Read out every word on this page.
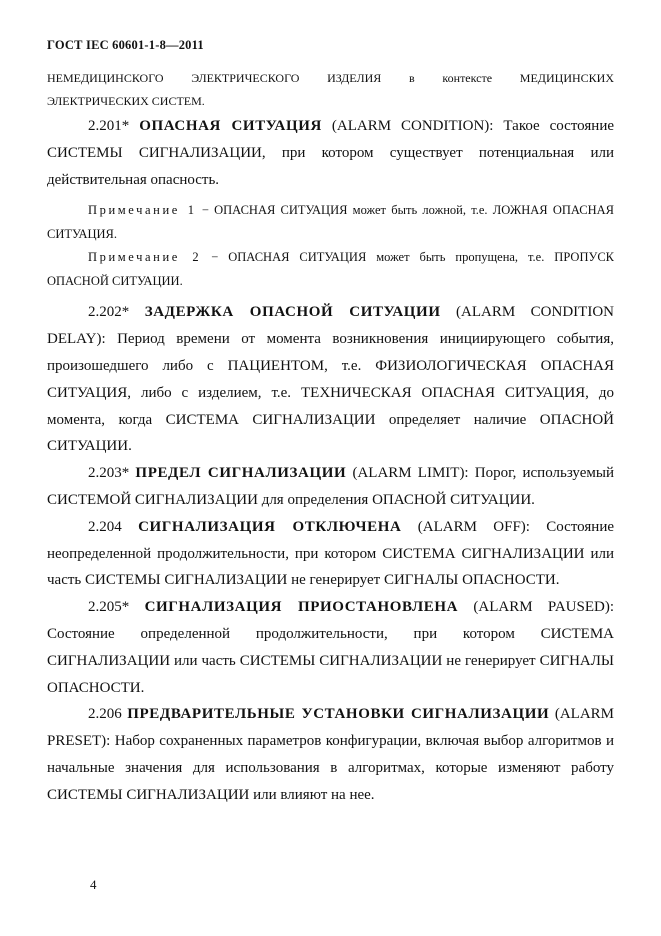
ГОСТ IEC 60601-1-8—2011

НЕМЕДИЦИНСКОГО ЭЛЕКТРИЧЕСКОГО ИЗДЕЛИЯ в контексте МЕДИЦИНСКИХ

ЭЛЕКТРИЧЕСКИХ СИСТЕМ.

2.201* ОПАСНАЯ СИТУАЦИЯ (ALARM CONDITION): Такое состояние СИСТЕМЫ СИГНАЛИЗАЦИИ, при котором существует потенциальная или действительная опасность.

Примечание 1 − ОПАСНАЯ СИТУАЦИЯ может быть ложной, т.е. ЛОЖНАЯ ОПАСНАЯ СИТУАЦИЯ.

Примечание 2 − ОПАСНАЯ СИТУАЦИЯ может быть пропущена, т.е. ПРОПУСК ОПАСНОЙ СИТУАЦИИ.

2.202* ЗАДЕРЖКА ОПАСНОЙ СИТУАЦИИ (ALARM CONDITION DELAY): Период времени от момента возникновения инициирующего события, произошедшего либо с ПАЦИЕНТОМ, т.е. ФИЗИОЛОГИЧЕСКАЯ ОПАСНАЯ СИТУАЦИЯ, либо с изделием, т.е. ТЕХНИЧЕСКАЯ ОПАСНАЯ СИТУАЦИЯ, до момента, когда СИСТЕМА СИГНАЛИЗАЦИИ определяет наличие ОПАСНОЙ СИТУАЦИИ.

2.203* ПРЕДЕЛ СИГНАЛИЗАЦИИ (ALARM LIMIT): Порог, используемый СИСТЕМОЙ СИГНАЛИЗАЦИИ для определения ОПАСНОЙ СИТУАЦИИ.

2.204 СИГНАЛИЗАЦИЯ ОТКЛЮЧЕНА (ALARM OFF): Состояние неопределенной продолжительности, при котором СИСТЕМА СИГНАЛИЗАЦИИ или часть СИСТЕМЫ СИГНАЛИЗАЦИИ не генерирует СИГНАЛЫ ОПАСНОСТИ.

2.205* СИГНАЛИЗАЦИЯ ПРИОСТАНОВЛЕНА (ALARM PAUSED): Состояние определенной продолжительности, при котором СИСТЕМА СИГНАЛИЗАЦИИ или часть СИСТЕМЫ СИГНАЛИЗАЦИИ не генерирует СИГНАЛЫ ОПАСНОСТИ.

2.206 ПРЕДВАРИТЕЛЬНЫЕ УСТАНОВКИ СИГНАЛИЗАЦИИ (ALARM PRESET): Набор сохраненных параметров конфигурации, включая выбор алгоритмов и начальные значения для использования в алгоритмах, которые изменяют работу СИСТЕМЫ СИГНАЛИЗАЦИИ или влияют на нее.

4
